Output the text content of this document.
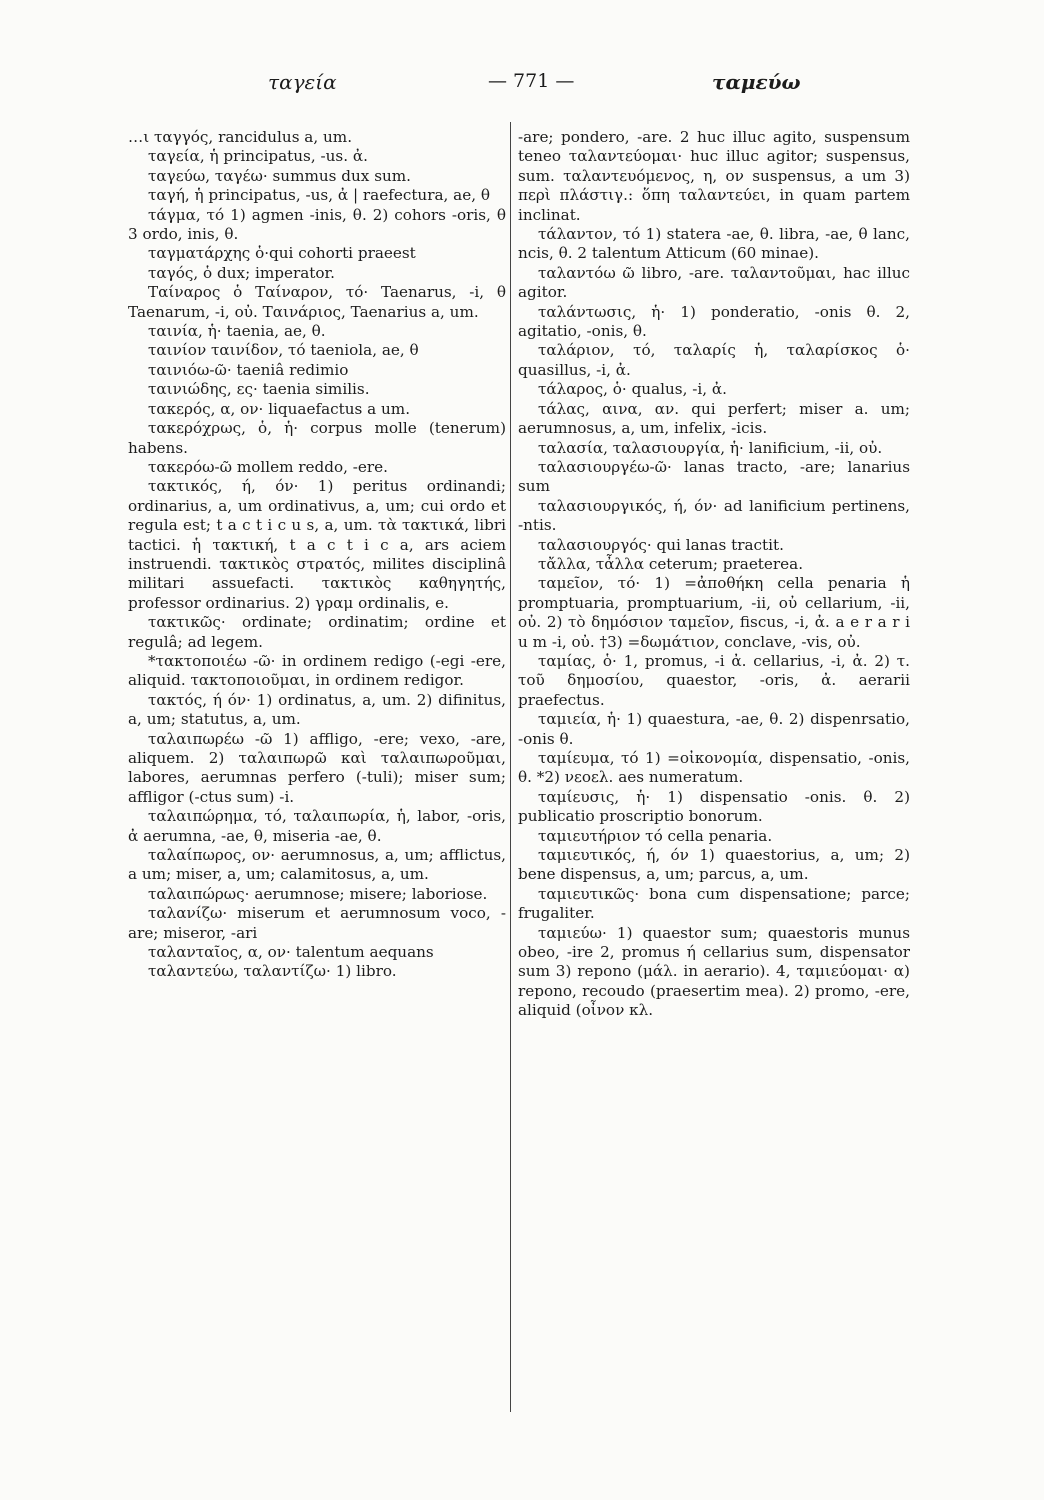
ταγεία	— 771 —	ταμεύω

…ι ταγγός, rancidulus a, um.

ταγεία, ἡ principatus, -us. ἀ.

ταγεύω, ταγέω· summus dux sum.

ταγή, ἡ principatus, -us, ἀ | raefectura, ae, θ

τάγμα, τό 1) agmen -inis, θ. 2) cohors -oris, θ 3 ordo, inis, θ.

ταγματάρχης ὁ·qui cohorti praeest

ταγός, ὁ dux; imperator.

Ταίναρος ὁ Ταίναρον, τό· Taenarus, -i, θ Taenarum, -i, οὐ. Ταινάριος, Taenarius a, um.

ταινία, ἡ· taenia, ae, θ.

ταινίον ταινίδον, τό taeniola, ae, θ

ταινιόω-ῶ· taeniâ redimio

ταινιώδης, ες· taenia similis.

τακερός, α, ον· liquaefactus a um.

τακερόχρως, ὁ, ἡ· corpus molle (tenerum) habens.

τακερόω-ῶ mollem reddo, -ere.

τακτικός, ή, όν· 1) peritus ordinandi; ordinarius, a, um ordinativus, a, um; cui ordo et regula est; t a c t i c u s, a, um. τὰ τακτικά, libri tactici. ἡ τακτική, t a c t i c a, ars aciem instruendi. τακτικὸς στρατός, milites disciplinâ militari assuefacti. τακτικὸς καθηγητής, professor ordinarius. 2) γραμ ordinalis, e.

τακτικῶς· ordinate; ordinatim; ordine et regulâ; ad legem.

*τακτοποιέω -ῶ· in ordinem redigo (-egi -ere, aliquid. τακτοποιοῦμαι, in ordinem redigor.

τακτός, ή όν· 1) ordinatus, a, um. 2) difinitus, a, um; statutus, a, um.

ταλαιπωρέω -ῶ 1) affligo, -ere; vexo, -are, aliquem. 2) ταλαιπωρῶ καὶ ταλαιπωροῦμαι, labores, aerumnas perfero (-tuli); miser sum; affligor (-ctus sum) -i.

ταλαιπώρημα, τό, ταλαιπωρία, ἡ, labor, -oris, ἀ aerumna, -ae, θ, miseria -ae, θ.

ταλαίπωρος, ον· aerumnosus, a, um; afflictus, a um; miser, a, um; calamitosus, a, um.

ταλαιπώρως· aerumnose; misere; laboriose.

ταλανίζω· miserum et aerumnosum voco, -are; miseror, -ari

ταλανταῖος, α, ον· talentum aequans

ταλαντεύω, ταλαντίζω· 1) libro.

-are; pondero, -are. 2 huc illuc agito, suspensum teneo ταλαντεύομαι· huc illuc agitor; suspensus, sum. ταλαντευόμενος, η, ον suspensus, a um 3) περὶ πλάστιγ.: ὅπη ταλαντεύει, in quam partem inclinat.

τάλαντον, τό 1) statera -ae, θ. libra, -ae, θ lanc, ncis, θ. 2 talentum Atticum (60 minae).

ταλαντόω ῶ libro, -are. ταλαντοῦμαι, hac illuc agitor.

ταλάντωσις, ἡ· 1) ponderatio, -onis θ. 2, agitatio, -onis, θ.

ταλάριον, τό, ταλαρίς ἡ, ταλαρίσκος ὁ· quasillus, -i, ἀ.

τάλαρος, ὁ· qualus, -i, ἀ.

τάλας, αινα, αν. qui perfert; miser a. um; aerumnosus, a, um, infelix, -icis.

ταλασία, ταλασιουργία, ἡ· lanificium, -ii, οὐ.

ταλασιουργέω-ῶ· lanas tracto, -are; lanarius sum

ταλασιουργικός, ή, όν· ad lanificium pertinens, -ntis.

ταλασιουργός· qui lanas tractit.

τἄλλα, τἆλλα ceterum; praeterea.

ταμεῖον, τό· 1) =ἀποθήκη cella penaria ἡ promptuaria, promptuarium, -ii, οὐ cellarium, -ii, οὐ. 2) τὸ δημόσιον ταμεῖον, fiscus, -i, ἀ. a e r a r i u m -i, οὐ. †3) =δωμάτιον, conclave, -vis, οὐ.

ταμίας, ὁ· 1, promus, -i ἀ. cellarius, -i, ἀ. 2) τ. τοῦ δημοσίου, quaestor, -oris, ἀ. aerarii praefectus.

ταμιεία, ἡ· 1) quaestura, -ae, θ. 2) dispenrsatio, -onis θ.

ταμίευμα, τό 1) =οἰκονομία, dispensatio, -onis, θ. *2) νεοελ. aes numeratum.

ταμίευσις, ἡ· 1) dispensatio -onis. θ. 2) publicatio proscriptio bonorum.

ταμιευτήριον τό cella penaria.

ταμιευτικός, ή, όν 1) quaestorius, a, um; 2) bene dispensus, a, um; parcus, a, um.

ταμιευτικῶς· bona cum dispensatione; parce; frugaliter.

ταμιεύω· 1) quaestor sum; quaestoris munus obeo, -ire 2, promus ή cellarius sum, dispensator sum 3) repono (μάλ. in aerario). 4, ταμιεύομαι· α) repono, recoudo (praesertim mea). 2) promo, -ere, aliquid (οἶνον κλ.
